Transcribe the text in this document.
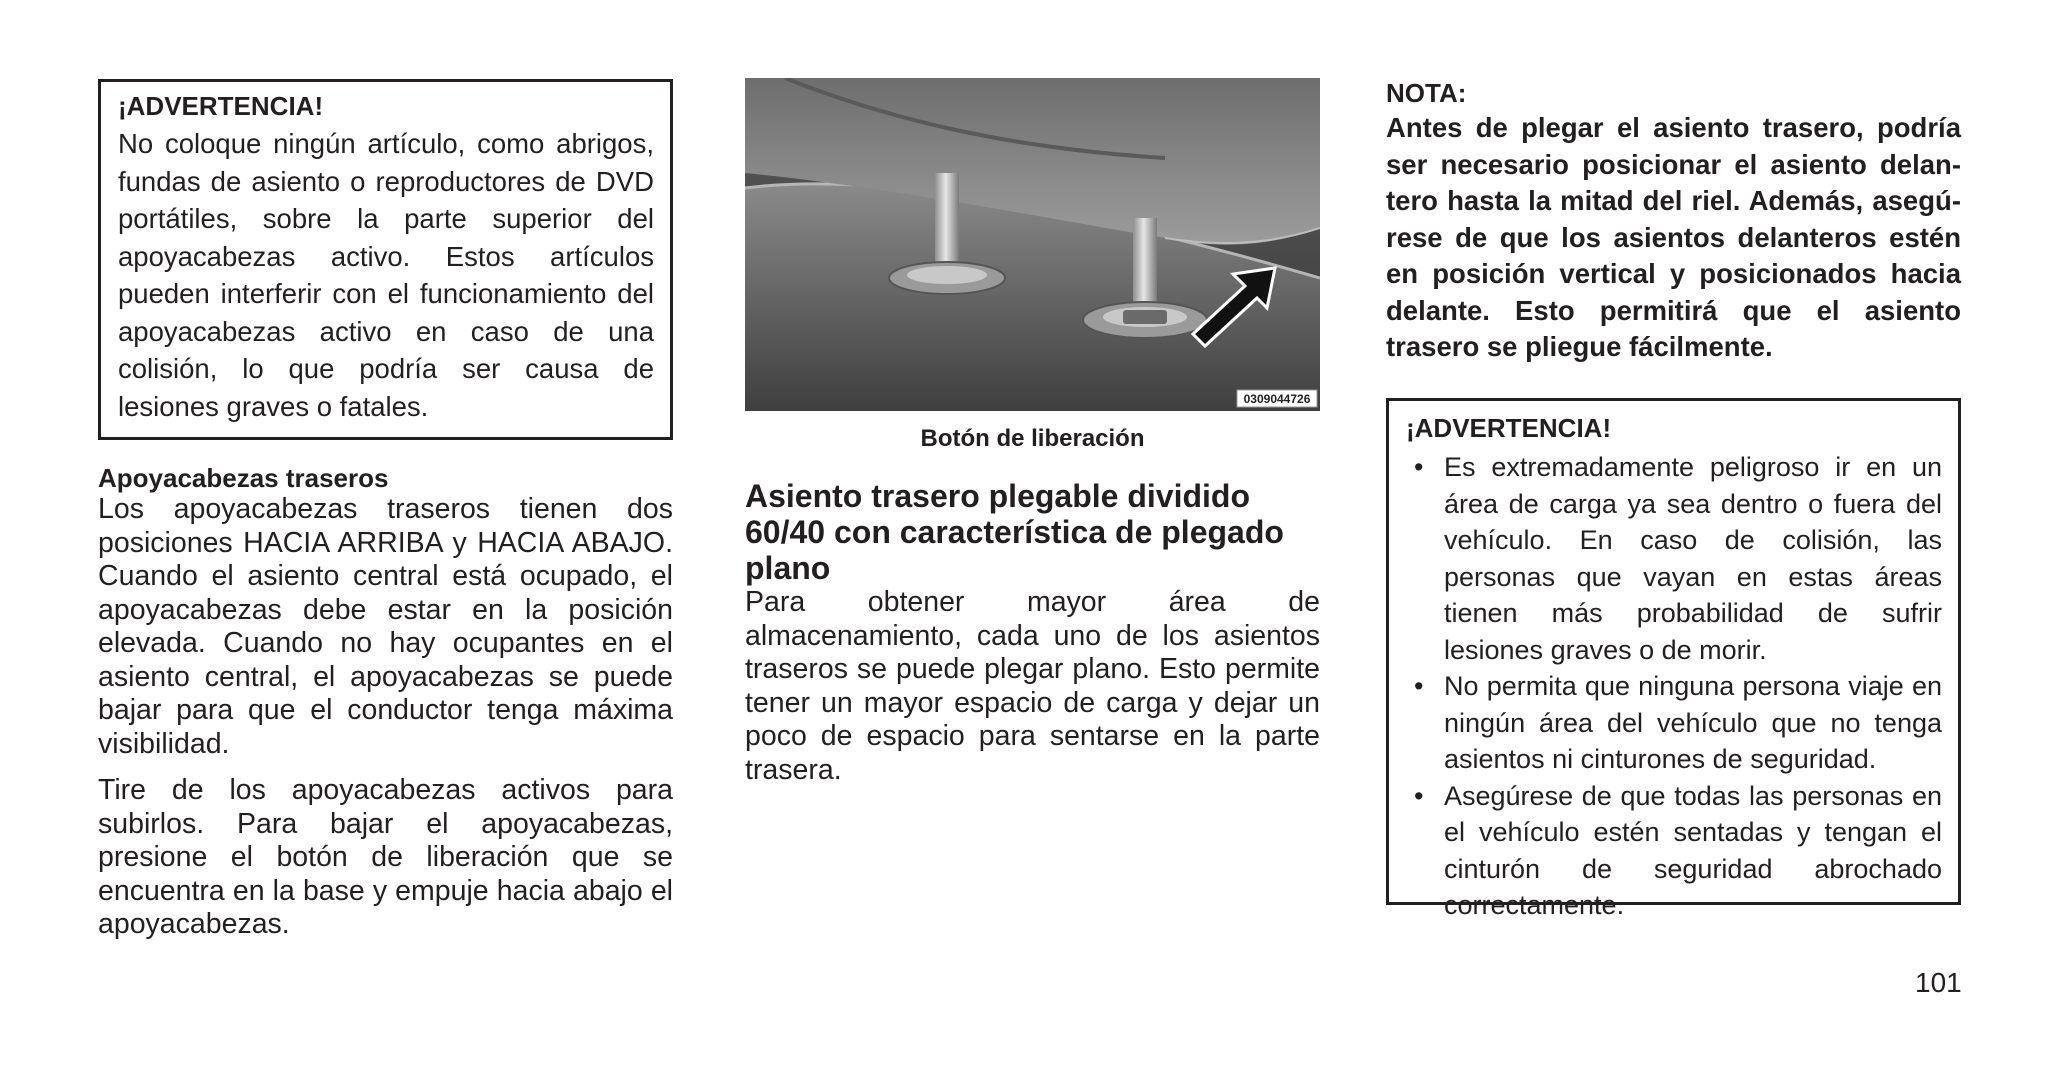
¡ADVERTENCIA!

No coloque ningún artículo, como abrigos, fundas de asiento o reproductores de DVD portátiles, sobre la parte superior del apoyacabezas activo. Estos artículos pueden interferir con el funcionamiento del apoyacabezas activo en caso de una colisión, lo que podría ser causa de lesiones graves o fatales.

Apoyacabezas traseros

Los apoyacabezas traseros tienen dos posiciones HACIA ARRIBA y HACIA ABAJO. Cuando el asiento central está ocupado, el apoyacabezas debe estar en la posición elevada. Cuando no hay ocupantes en el asiento central, el apoyacabezas se puede bajar para que el conductor tenga máxima visibilidad.

Tire de los apoyacabezas activos para subirlos. Para bajar el apoyacabezas, presione el botón de liberación que se encuentra en la base y empuje hacia abajo el apoyacabezas.

0309044726

Botón de liberación

Asiento trasero plegable dividido 60/40 con característica de plegado plano

Para obtener mayor área de almacenamiento, cada uno de los asientos traseros se puede plegar plano. Esto permite tener un mayor espacio de carga y dejar un poco de espacio para sentarse en la parte trasera.

NOTA:

Antes de plegar el asiento trasero, podría ser necesario posicionar el asiento delantero hasta la mitad del riel. Además, asegúrese de que los asientos delanteros estén en posición vertical y posicionados hacia delante. Esto permitirá que el asiento trasero se pliegue fácilmente.

¡ADVERTENCIA!

• Es extremadamente peligroso ir en un área de carga ya sea dentro o fuera del vehículo. En caso de colisión, las personas que vayan en estas áreas tienen más probabilidad de sufrir lesiones graves o de morir.
• No permita que ninguna persona viaje en ningún área del vehículo que no tenga asientos ni cinturones de seguridad.
• Asegúrese de que todas las personas en el vehículo estén sentadas y tengan el cinturón de seguridad abrochado correctamente.
101
